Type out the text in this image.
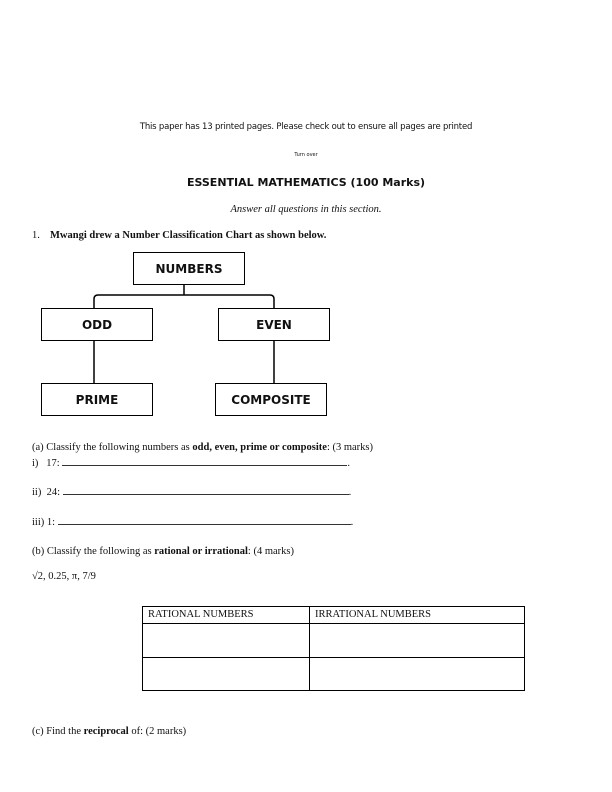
This paper has 13 printed pages. Please check out to ensure all pages are printed
Turn over
ESSENTIAL MATHEMATICS (100 Marks)
Answer all questions in this section.
1. Mwangi drew a Number Classification Chart as shown below.
NUMBERS
ODD	EVEN
PRIME	COMPOSITE
(a) Classify the following numbers as odd, even, prime or composite: (3 marks)
i)   17:	.
ii)  24:	.
iii) 1:	.
(b) Classify the following as rational or irrational: (4 marks)
√2, 0.25, π, 7/9
RATIONAL NUMBERS	IRRATIONAL NUMBERS

(c) Find the reciprocal of: (2 marks)
